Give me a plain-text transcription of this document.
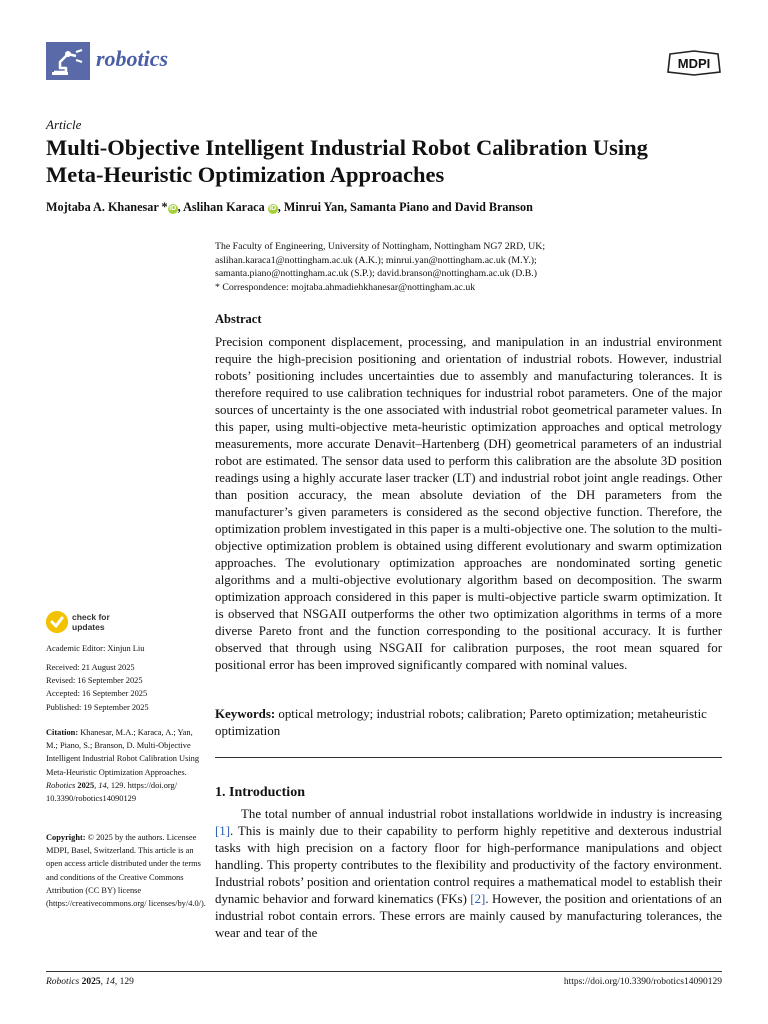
robotics	MDPI
Article
Multi-Objective Intelligent Industrial Robot Calibration Using
Meta-Heuristic Optimization Approaches
Mojtaba A. Khanesar * iD , Aslihan Karaca iD , Minrui Yan, Samanta Piano and David Branson
The Faculty of Engineering, University of Nottingham, Nottingham NG7 2RD, UK;
aslihan.karaca1@nottingham.ac.uk (A.K.); minrui.yan@nottingham.ac.uk (M.Y.);
samanta.piano@nottingham.ac.uk (S.P.); david.branson@nottingham.ac.uk (D.B.)
* Correspondence: mojtaba.ahmadiehkhanesar@nottingham.ac.uk
Abstract
Precision component displacement, processing, and manipulation in an industrial environment require the high-precision positioning and orientation of industrial robots. However, industrial robots’ positioning includes uncertainties due to assembly and manufacturing tolerances. It is therefore required to use calibration techniques for industrial robot parameters. One of the major sources of uncertainty is the one associated with industrial robot geometrical parameter values. In this paper, using multi-objective meta-heuristic optimization approaches and optical metrology measurements, more accurate Denavit–Hartenberg (DH) geometrical parameters of an industrial robot are estimated. The sensor data used to perform this calibration are the absolute 3D position readings using a highly accurate laser tracker (LT) and industrial robot joint angle readings. Other than position accuracy, the mean absolute deviation of the DH parameters from the manufacturer’s given parameters is considered as the second objective function. Therefore, the optimization problem investigated in this paper is a multi-objective one. The solution to the multi-objective optimization problem is obtained using different evolutionary and swarm optimization approaches. The evolutionary optimization approaches are nondominated sorting genetic algorithms and a multi-objective evolutionary algorithm based on decomposition. The swarm optimization approach considered in this paper is multi-objective particle swarm optimization. It is observed that NSGAII outperforms the other two optimization algorithms in terms of a more diverse Pareto front and the function corresponding to the positional accuracy. It is further observed that through using NSGAII for calibration purposes, the root mean squared for positional error has been improved significantly compared with nominal values.
Keywords: optical metrology; industrial robots; calibration; Pareto optimization; metaheuristic optimization
1. Introduction

The total number of annual industrial robot installations worldwide in industry is increasing [1]. This is mainly due to their capability to perform highly repetitive and dexterous industrial tasks with high precision on a factory floor for high-performance manipulations and object handling. This property contributes to the flexibility and productivity of the factory environment. Industrial robots’ position and orientation control requires a mathematical model to establish their dynamic behavior and forward kinematics (FKs) [2]. However, the position and orientations of an industrial robot contain errors. These errors are mainly caused by manufacturing tolerances, the wear and tear of the

check for
updates
Academic Editor: Xinjun Liu
Received: 21 August 2025
Revised: 16 September 2025
Accepted: 16 September 2025
Published: 19 September 2025
Citation: Khanesar, M.A.; Karaca, A.; Yan, M.; Piano, S.; Branson, D. Multi-Objective Intelligent Industrial Robot Calibration Using Meta-Heuristic Optimization Approaches. Robotics 2025, 14, 129. https://doi.org/ 10.3390/robotics14090129
Copyright: © 2025 by the authors. Licensee MDPI, Basel, Switzerland. This article is an open access article distributed under the terms and conditions of the Creative Commons Attribution (CC BY) license (https://creativecommons.org/ licenses/by/4.0/).
Robotics 2025, 14, 129	https://doi.org/10.3390/robotics14090129
